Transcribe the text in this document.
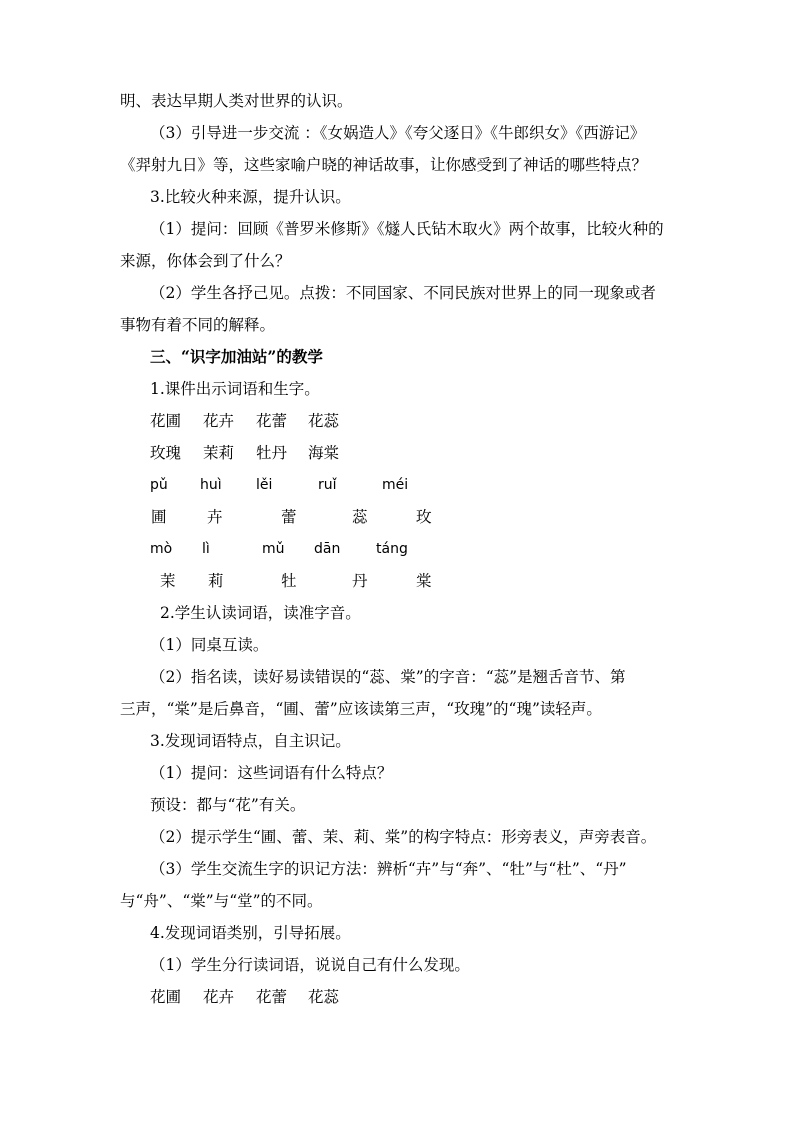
明、表达早期人类对世界的认识。
（3）引导进一步交流 ：《女娲造人》《夸父逐日》《牛郎织女》《西游记》
《羿射九日》等，这些家喻户晓的神话故事，让你感受到了神话的哪些特点？
3.比较火种来源，提升认识。
（1）提问：回顾《普罗米修斯》《燧人氏钻木取火》两个故事，比较火种的
来源，你体会到了什么？
（2）学生各抒己见。点拨：不同国家、不同民族对世界上的同一现象或者
事物有着不同的解释。
1.课件出示词语和生字。
2.学生认读词语，读准字音。
（1）同桌互读。
（2）指名读，读好易读错误的“蕊、棠”的字音：“蕊”是翘舌音节、第
三声，“棠”是后鼻音，“圃、蕾”应该读第三声，“玫瑰”的“瑰”读轻声。
3.发现词语特点，自主识记。
（1）提问：这些词语有什么特点？
预设：都与“花”有关。
（2）提示学生“圃、蕾、茉、莉、棠”的构字特点：形旁表义，声旁表音。
（3）学生交流生字的识记方法：辨析“卉”与“奔”、“牡”与“杜”、“丹”
与“舟”、“棠”与“堂”的不同。
4.发现词语类别，引导拓展。
（1）学生分行读词语，说说自己有什么发现。
三、“识字加油站”的教学
花圃 花卉 花蕾 花蕊
玫瑰 茉莉 牡丹 海棠
花圃 花卉 花蕾 花蕊
pǔ huì lěi	ruǐ	méi
mò lì	mǔ dān	táng
圃	卉	蕾	蕊	玫
茉 莉	牡	丹	棠
